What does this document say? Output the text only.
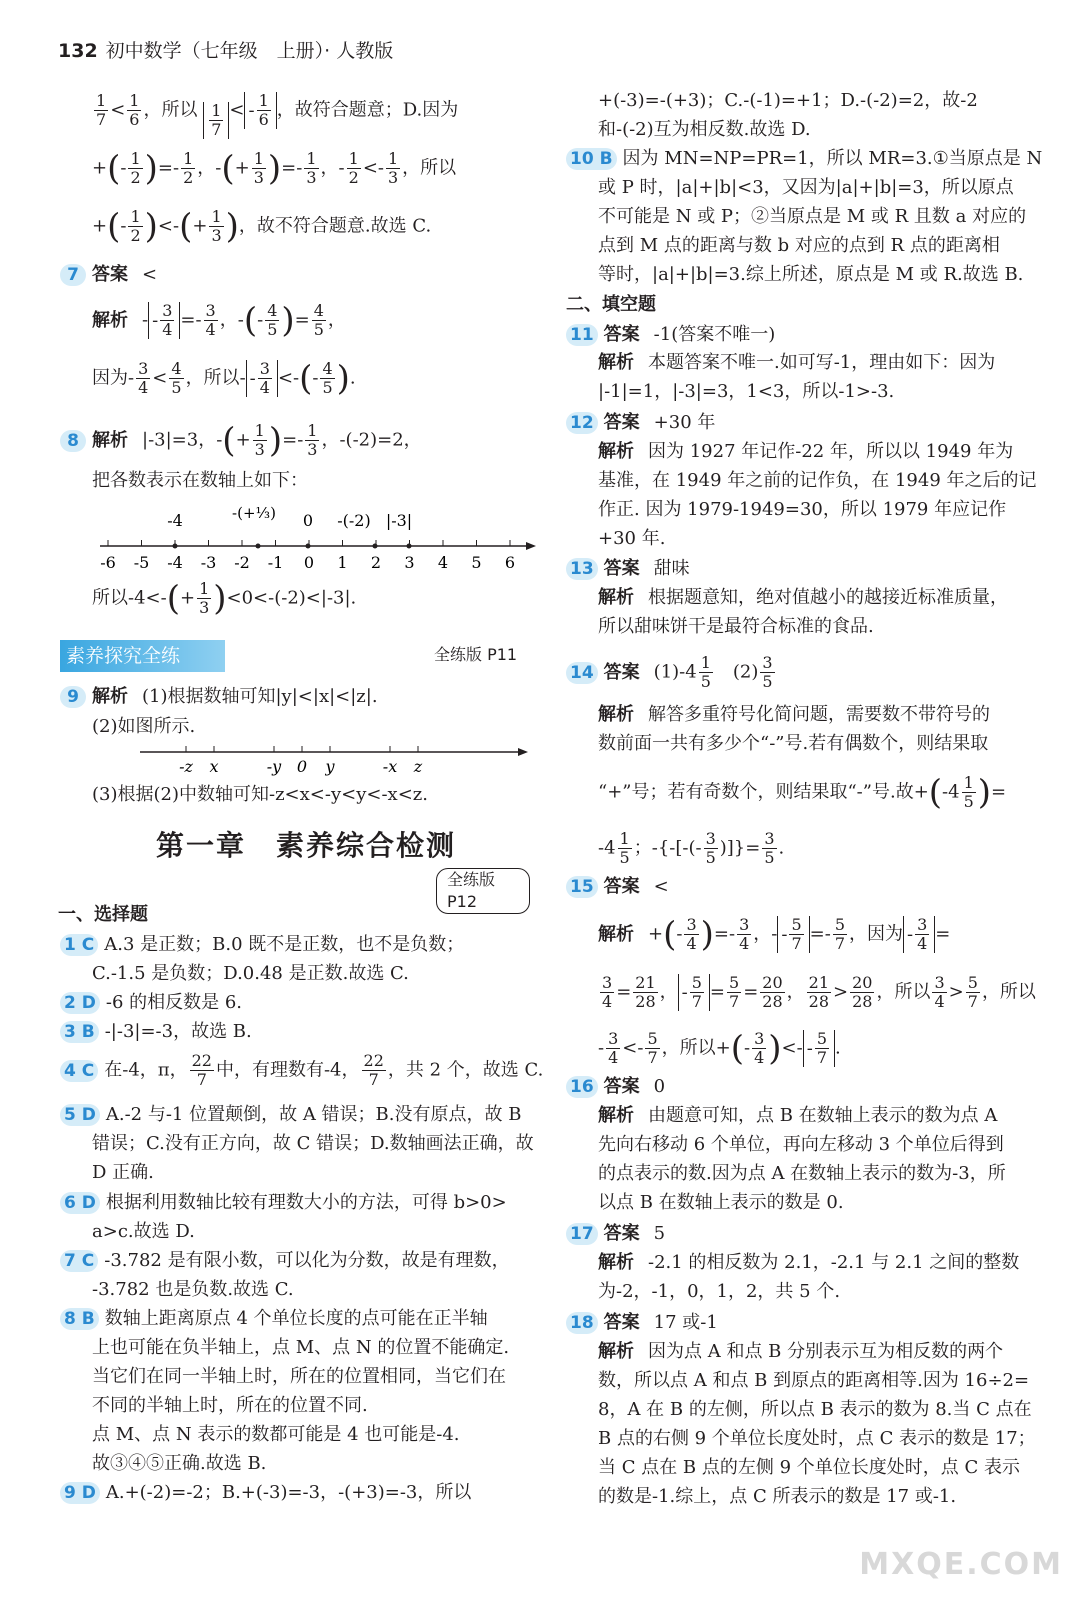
132 初中数学（七年级　上册）· 人教版
$\frac{1}{7} < \frac{1}{6}$ ，所以 $\frac{1}{7}$ < - $\frac{1}{6}$ ，故符合题意；D.因为
+(- $\frac{1}{2}$ )=- $\frac{1}{2}$ ，-(+ $\frac{1}{3}$ )=- $\frac{1}{3}$ ，- $\frac{1}{2} <- \frac{1}{3}$ ，所以
+(- $\frac{1}{2}$ )<-(+ $\frac{1}{3}$ )，故不符合题意.故选 C.
7 答案 <
解析 - - $\frac{3}{4} =- \frac{3}{4}$ ，-(- $\frac{4}{5}$ )= $\frac{4}{5}$ ，
因为- $\frac{3}{4} < \frac{4}{5}$ ，所以- - $\frac{3}{4}$ <-(- $\frac{4}{5}$ ).
8 解析 |-3|=3，-(+ $\frac{1}{3}$ )=- $\frac{1}{3}$ ，-(-2)=2，
把各数表示在数轴上如下：
-6 -5 -4 -3 -2 -1 0 1 2 3 4 5 6
-4	-(+⅓) 0 -(-2) |-3|
所以$-4<-(+ \frac{1}{3} )<0<-(-2)<|-3|$.
素养探究全练	全练版 P11
9 解析 (1)根据数轴可知|y|<|x|<|z|.
(2)如图所示.
-z x	-y 0 y	-x z
(3)根据(2)中数轴可知-z<x<-y<y<-x<z.
第一章　素养综合检测
全练版 P12
一、选择题
1 C A.3 是正数；B.0 既不是正数，也不是负数；
C.-1.5 是负数；D.0.48 是正数.故选 C.
2 D -6 的相反数是 6.
3 B -|-3|=-3，故选 B.
4 C 在-4，π， $\frac{22}{7}$ 中，有理数有-4， $\frac{22}{7}$ ，共 2 个，故选 C.
5 D A.-2 与-1 位置颠倒，故 A 错误；B.没有原点，故 B
错误；C.没有正方向，故 C 错误；D.数轴画法正确，故
D 正确.
6 D 根据利用数轴比较有理数大小的方法，可得 b>0>
a>c.故选 D.
7 C -3.782 是有限小数，可以化为分数，故是有理数，
-3.782 也是负数.故选 C.
8 B 数轴上距离原点 4 个单位长度的点可能在正半轴
上也可能在负半轴上，点 M、点 N 的位置不能确定.
当它们在同一半轴上时，所在的位置相同，当它们在
不同的半轴上时，所在的位置不同.
点 M、点 N 表示的数都可能是 4 也可能是-4.
故③④⑤正确.故选 B.
9 D A.+(-2)=-2；B.+(-3)=-3，-(+3)=-3，所以
+(-3)=-(+3)；C.-(-1)=+1；D.-(-2)=2，故-2
和-(-2)互为相反数.故选 D.
10 B 因为 MN=NP=PR=1，所以 MR=3.①当原点是 N
或 P 时，|a|+|b|<3，又因为|a|+|b|=3，所以原点
不可能是 N 或 P；②当原点是 M 或 R 且数 a 对应的
点到 M 点的距离与数 b 对应的点到 R 点的距离相
等时，|a|+|b|=3.综上所述，原点是 M 或 R.故选 B.
二、填空题
11 答案 -1(答案不唯一)
解析 本题答案不唯一.如可写-1，理由如下：因为
|-1|=1，|-3|=3，1<3，所以-1>-3.
12 答案 +30 年
解析 因为 1927 年记作-22 年，所以以 1949 年为
基准，在 1949 年之前的记作负，在 1949 年之后的记
作正. 因为 1979-1949=30，所以 1979 年应记作
+30 年.
13 答案 甜味
解析 根据题意知，绝对值越小的越接近标准质量，
所以甜味饼干是最符合标准的食品.
14 答案 $(1)-4 \frac{1}{5}$
　 $(2) \frac{3}{5}$
解析 解答多重符号化简问题，需要数不带符号的
数前面一共有多少个“-”号.若有偶数个，则结果取
“+”号；若有奇数个，则结果取“-”号.故$+(-4 \frac{1}{5}$ )=
$-4 \frac{1}{5}$ ；-{-[-(- $\frac{3}{5}$ )]}= $\frac{3}{5}$ .
15 答案 <
解析 +(- $\frac{3}{4}$ )=- $\frac{3}{4}$ ，- - $\frac{5}{7} =- \frac{5}{7}$ ，因为 - $\frac{3}{4}$ =
$\frac{3}{4} = \frac{21}{28}$ ， - $\frac{5}{7} = \frac{5}{7} = \frac{20}{28}$ ， $\frac{21}{28} > \frac{20}{28}$ ，所以 $\frac{3}{4} > \frac{5}{7}$ ，所以
- $\frac{3}{4} <- \frac{5}{7}$ ，所以+(- $\frac{3}{4}$ )<- - $\frac{5}{7}$ .
16 答案 0
解析 由题意可知，点 B 在数轴上表示的数为点 A
先向右移动 6 个单位，再向左移动 3 个单位后得到
的点表示的数.因为点 A 在数轴上表示的数为-3，所
以点 B 在数轴上表示的数是 0.
17 答案 5
解析 -2.1 的相反数为 2.1，-2.1 与 2.1 之间的整数
为-2，-1，0，1，2，共 5 个.
18 答案 17 或-1
解析 因为点 A 和点 B 分别表示互为相反数的两个
数，所以点 A 和点 B 到原点的距离相等.因为 16÷2=
8，A 在 B 的左侧，所以点 B 表示的数为 8.当 C 点在
B 点的右侧 9 个单位长度处时，点 C 表示的数是 17；
当 C 点在 B 点的左侧 9 个单位长度处时，点 C 表示
的数是-1.综上，点 C 所表示的数是 17 或-1.
MXQE.COM
